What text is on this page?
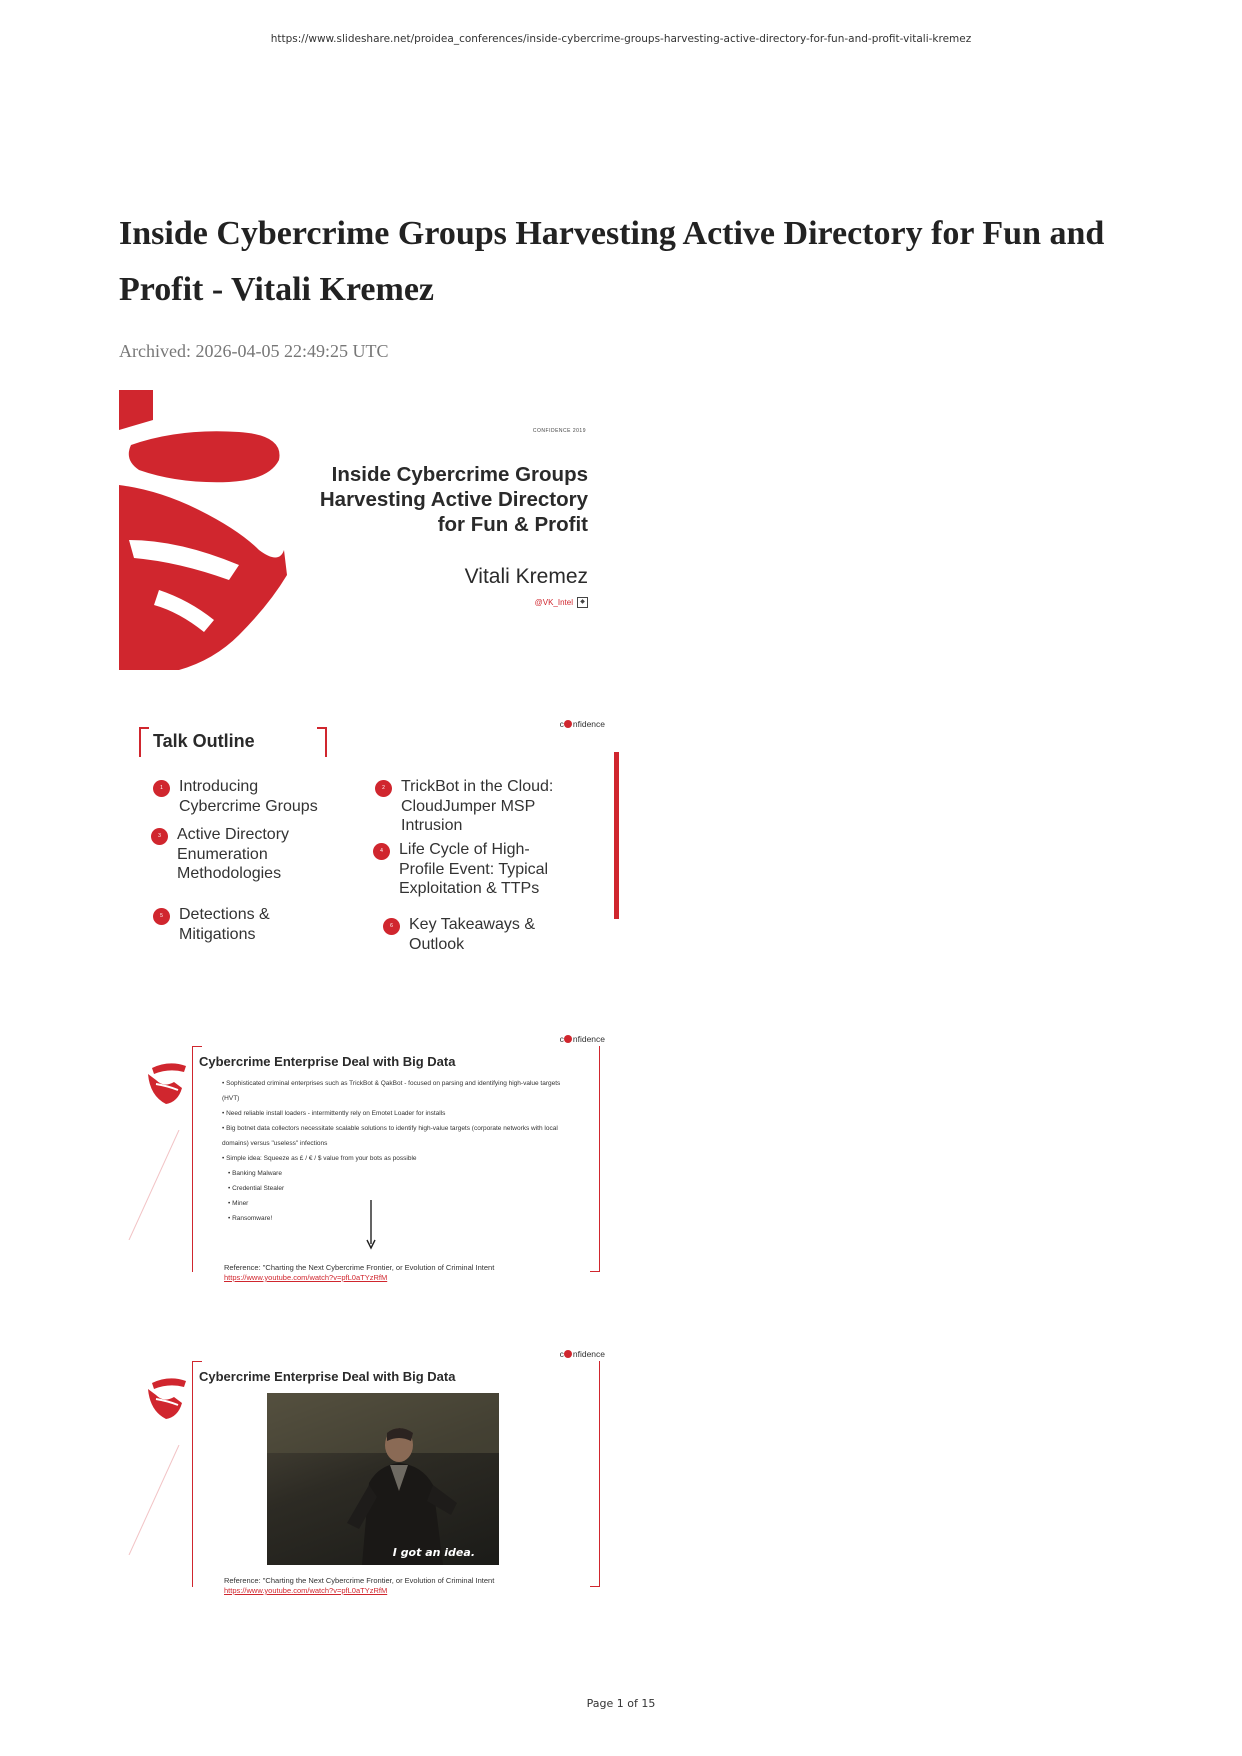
https://www.slideshare.net/proidea_conferences/inside-cybercrime-groups-harvesting-active-directory-for-fun-and-profit-vitali-kremez
Inside Cybercrime Groups Harvesting Active Directory for Fun and Profit - Vitali Kremez
Archived: 2026-04-05 22:49:25 UTC
CONFIDENCE 2019
Inside Cybercrime Groups
Harvesting Active Directory
for Fun & Profit
Vitali Kremez
@VK_Intel	◆
c nfidence
Talk Outline
1	Introducing Cybercrime Groups
2	TrickBot in the Cloud: CloudJumper MSP Intrusion
3	Active Directory Enumeration Methodologies
4	Life Cycle of High-Profile Event: Typical Exploitation & TTPs
5	Detections & Mitigations	6	Key Takeaways & Outlook
c nfidence
Cybercrime Enterprise Deal with Big Data
• Sophisticated criminal enterprises such as TrickBot & QakBot - focused on parsing and identifying high-value targets (HVT)
• Need reliable install loaders - intermittently rely on Emotet Loader for installs
• Big botnet data collectors necessitate scalable solutions to identify high-value targets (corporate networks with local domains) versus "useless" infections
• Simple idea: Squeeze as £ / € / $ value from your bots as possible
• Banking Malware
• Credential Stealer
• Miner
• Ransomware!
Reference: "Charting the Next Cybercrime Frontier, or Evolution of Criminal Intent
https://www.youtube.com/watch?v=pfL0aTYzRfM
c nfidence
Cybercrime Enterprise Deal with Big Data
I got an idea.
Reference: "Charting the Next Cybercrime Frontier, or Evolution of Criminal Intent
https://www.youtube.com/watch?v=pfL0aTYzRfM
Page 1 of 15
